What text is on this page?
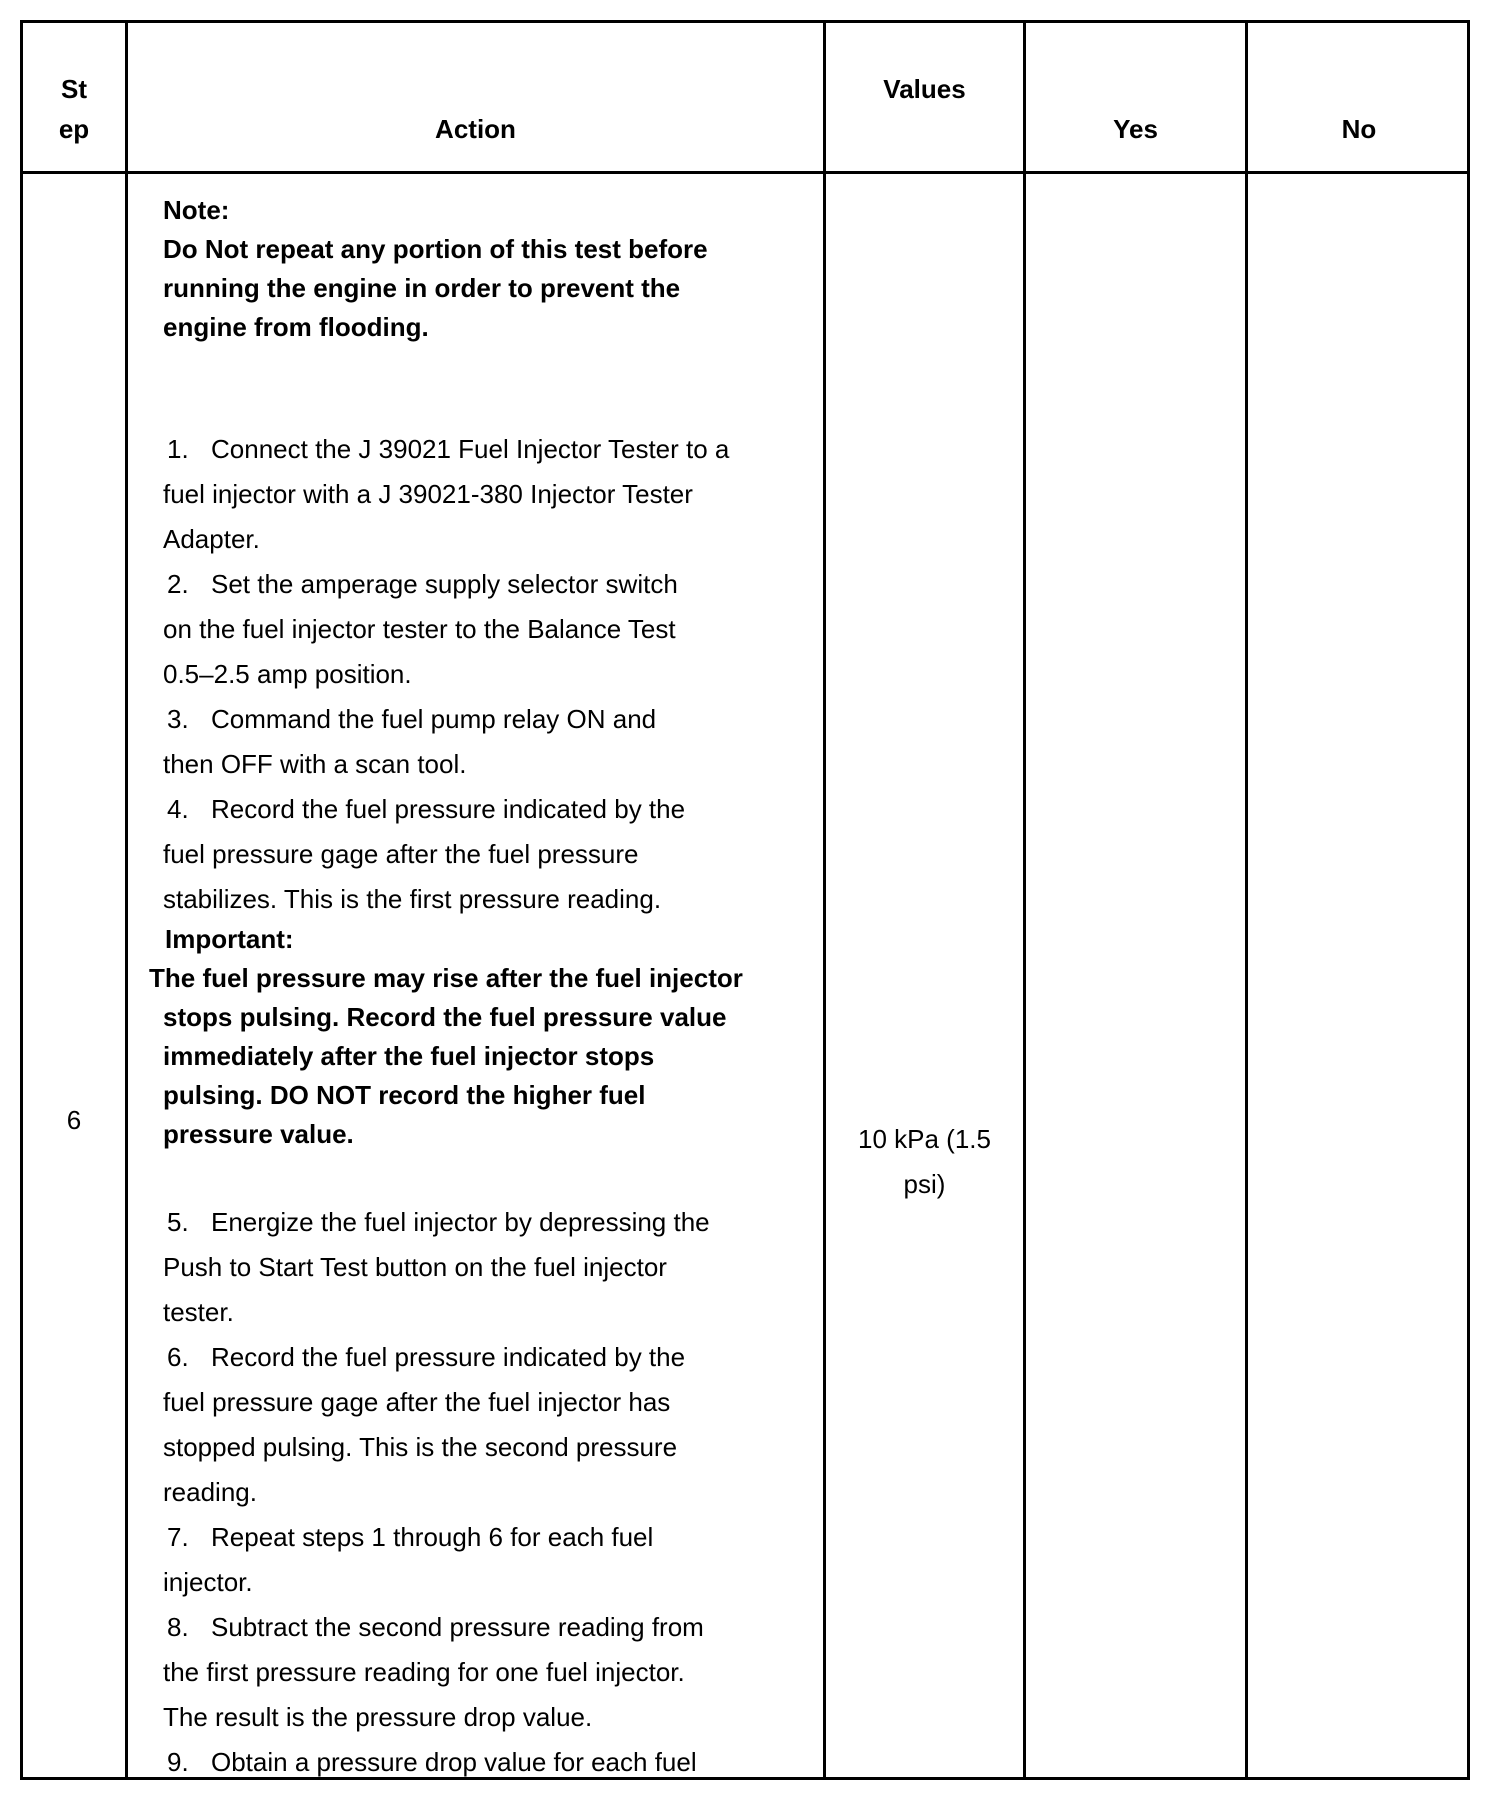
St
ep	Action
Values
Yes	No
6
10 kPa (1.5
psi)
Note:
Do Not repeat any portion of this test before
running the engine in order to prevent the
engine from flooding.
1. Connect the J 39021 Fuel Injector Tester to a
fuel injector with a J 39021-380 Injector Tester
Adapter.
2. Set the amperage supply selector switch
on the fuel injector tester to the Balance Test
0.5–2.5 amp position.
3. Command the fuel pump relay ON and
then OFF with a scan tool.
4. Record the fuel pressure indicated by the
fuel pressure gage after the fuel pressure
stabilizes. This is the first pressure reading.
Important:
The fuel pressure may rise after the fuel injector
stops pulsing. Record the fuel pressure value
immediately after the fuel injector stops
pulsing. DO NOT record the higher fuel
pressure value.
5. Energize the fuel injector by depressing the
Push to Start Test button on the fuel injector
tester.
6. Record the fuel pressure indicated by the
fuel pressure gage after the fuel injector has
stopped pulsing. This is the second pressure
reading.
7. Repeat steps 1 through 6 for each fuel
injector.
8. Subtract the second pressure reading from
the first pressure reading for one fuel injector.
The result is the pressure drop value.
9. Obtain a pressure drop value for each fuel
